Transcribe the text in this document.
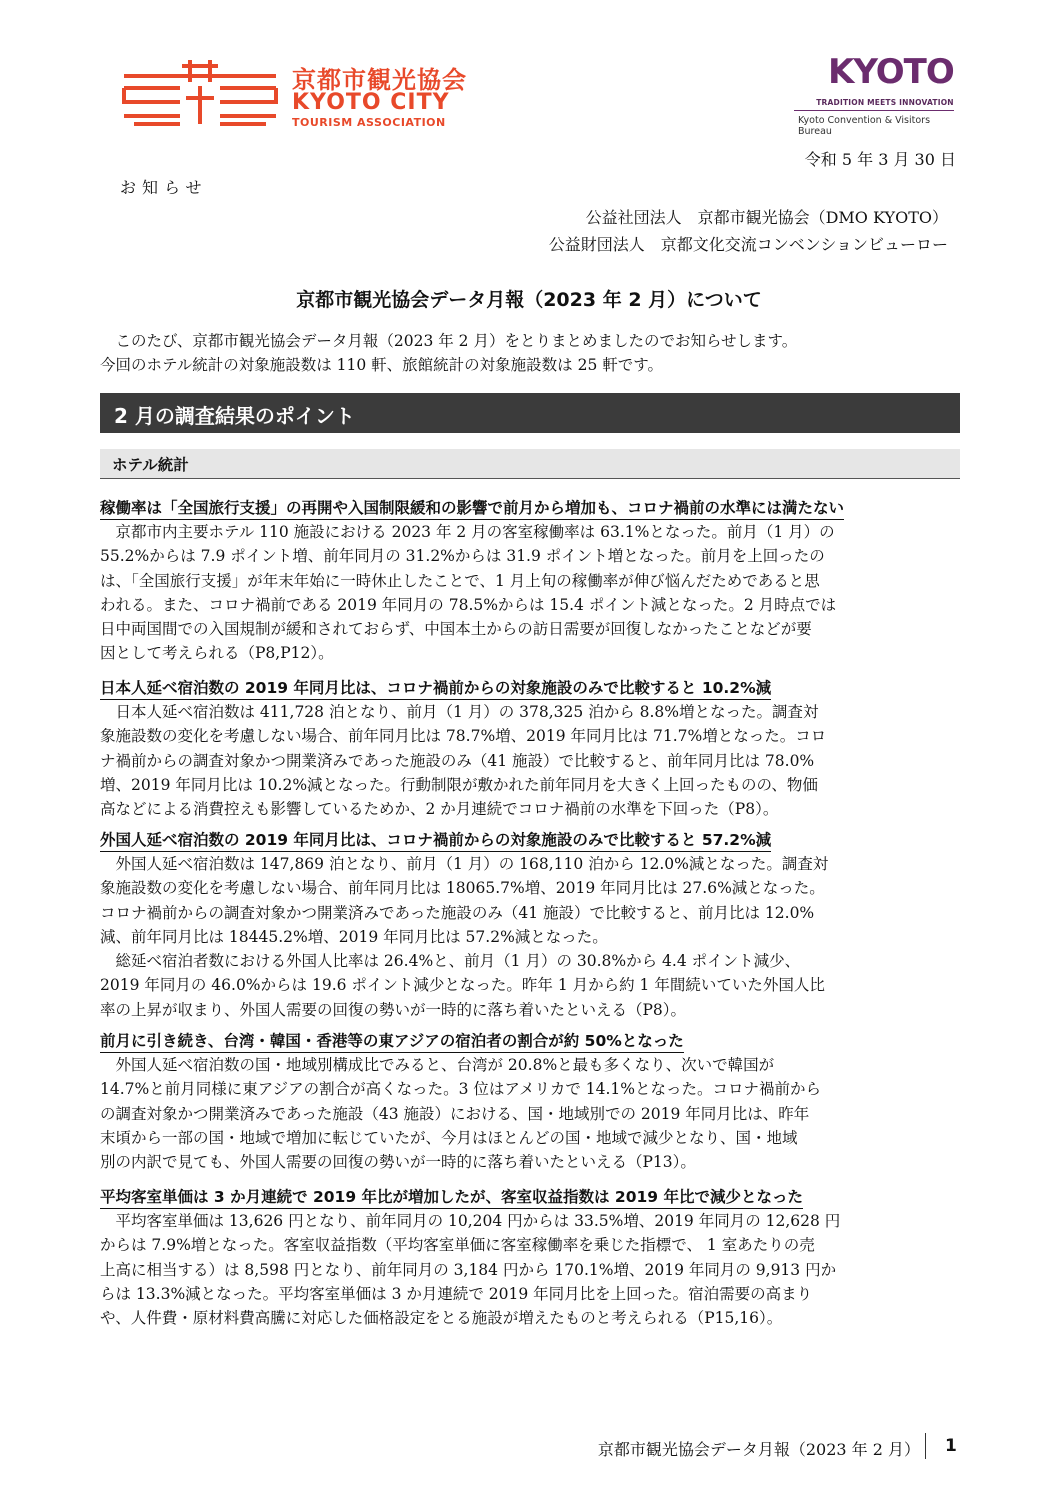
京都市観光協会
KYOTO CITY
TOURISM ASSOCIATION
KYOTO
TRADITION MEETS INNOVATION
Kyoto Convention & Visitors Bureau
令和 5 年 3 月 30 日
お知らせ
公益社団法人　京都市観光協会（DMO KYOTO）
公益財団法人　京都文化交流コンベンションビューロー
京都市観光協会データ月報（2023 年 2 月）について

　このたび、京都市観光協会データ月報（2023 年 2 月）をとりまとめましたのでお知らせします。

今回のホテル統計の対象施設数は 110 軒、旅館統計の対象施設数は 25 軒です。

2 月の調査結果のポイント
ホテル統計
稼働率は「全国旅行支援」の再開や入国制限緩和の影響で前月から増加も、コロナ禍前の水準には満たない

　京都市内主要ホテル 110 施設における 2023 年 2 月の客室稼働率は 63.1%となった。前月（1 月）の

55.2%からは 7.9 ポイント増、前年同月の 31.2%からは 31.9 ポイント増となった。前月を上回ったの

は、「全国旅行支援」が年末年始に一時休止したことで、1 月上旬の稼働率が伸び悩んだためであると思

われる。また、コロナ禍前である 2019 年同月の 78.5%からは 15.4 ポイント減となった。2 月時点では

日中両国間での入国規制が緩和されておらず、中国本土からの訪日需要が回復しなかったことなどが要

因として考えられる（P8,P12）。

日本人延べ宿泊数の 2019 年同月比は、コロナ禍前からの対象施設のみで比較すると 10.2%減

　日本人延べ宿泊数は 411,728 泊となり、前月（1 月）の 378,325 泊から 8.8%増となった。調査対

象施設数の変化を考慮しない場合、前年同月比は 78.7%増、2019 年同月比は 71.7%増となった。コロ

ナ禍前からの調査対象かつ開業済みであった施設のみ（41 施設）で比較すると、前年同月比は 78.0%

増、2019 年同月比は 10.2%減となった。行動制限が敷かれた前年同月を大きく上回ったものの、物価

高などによる消費控えも影響しているためか、2 か月連続でコロナ禍前の水準を下回った（P8）。

外国人延べ宿泊数の 2019 年同月比は、コロナ禍前からの対象施設のみで比較すると 57.2%減

　外国人延べ宿泊数は 147,869 泊となり、前月（1 月）の 168,110 泊から 12.0%減となった。調査対

象施設数の変化を考慮しない場合、前年同月比は 18065.7%増、2019 年同月比は 27.6%減となった。

コロナ禍前からの調査対象かつ開業済みであった施設のみ（41 施設）で比較すると、前月比は 12.0%

減、前年同月比は 18445.2%増、2019 年同月比は 57.2%減となった。

　総延べ宿泊者数における外国人比率は 26.4%と、前月（1 月）の 30.8%から 4.4 ポイント減少、

2019 年同月の 46.0%からは 19.6 ポイント減少となった。昨年 1 月から約 1 年間続いていた外国人比

率の上昇が収まり、外国人需要の回復の勢いが一時的に落ち着いたといえる（P8）。

前月に引き続き、台湾・韓国・香港等の東アジアの宿泊者の割合が約 50%となった

　外国人延べ宿泊数の国・地域別構成比でみると、台湾が 20.8%と最も多くなり、次いで韓国が

14.7%と前月同様に東アジアの割合が高くなった。3 位はアメリカで 14.1%となった。コロナ禍前から

の調査対象かつ開業済みであった施設（43 施設）における、国・地域別での 2019 年同月比は、昨年

末頃から一部の国・地域で増加に転じていたが、今月はほとんどの国・地域で減少となり、国・地域

別の内訳で見ても、外国人需要の回復の勢いが一時的に落ち着いたといえる（P13）。

平均客室単価は 3 か月連続で 2019 年比が増加したが、客室収益指数は 2019 年比で減少となった

　平均客室単価は 13,626 円となり、前年同月の 10,204 円からは 33.5%増、2019 年同月の 12,628 円

からは 7.9%増となった。客室収益指数（平均客室単価に客室稼働率を乗じた指標で、 1 室あたりの売

上高に相当する）は 8,598 円となり、前年同月の 3,184 円から 170.1%増、2019 年同月の 9,913 円か

らは 13.3%減となった。平均客室単価は 3 か月連続で 2019 年同月比を上回った。宿泊需要の高まり

や、人件費・原材料費高騰に対応した価格設定をとる施設が増えたものと考えられる（P15,16）。

京都市観光協会データ月報（2023 年 2 月） 1
